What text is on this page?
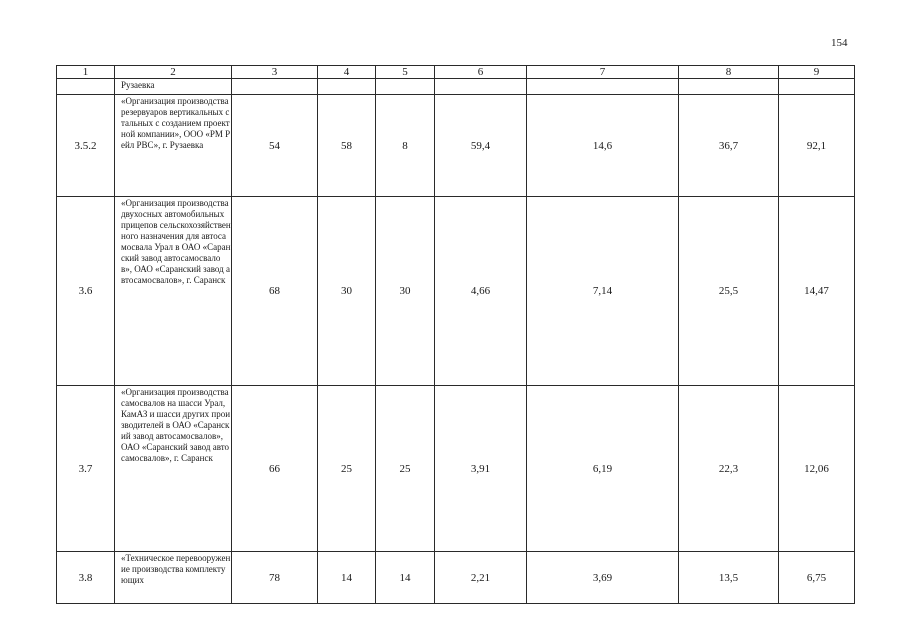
154
1	2	3	4	5	6	7	8	9
	Рузаевка							
3.5.2	«Организация производства резервуаров вертикальных стальных с созданием проектной компании», ООО «РМ Рейл РВС», г. Рузаевка	54	58	8	59,4	14,6	36,7	92,1
3.6	«Организация производства двухосных автомобильных прицепов сельскохозяйственного назначения для автосамосвала Урал в ОАО «Саранский завод автосамосвалов», ОАО «Саранский завод автосамосвалов», г. Саранск	68	30	30	4,66	7,14	25,5	14,47
3.7	«Организация производства самосвалов на шасси Урал, КамАЗ и шасси других производителей в ОАО «Саранский завод автосамосвалов», ОАО «Саранский завод автосамосвалов», г. Саранск	66	25	25	3,91	6,19	22,3	12,06
3.8	«Техническое перевооружение производства комплектующих	78	14	14	2,21	3,69	13,5	6,75
